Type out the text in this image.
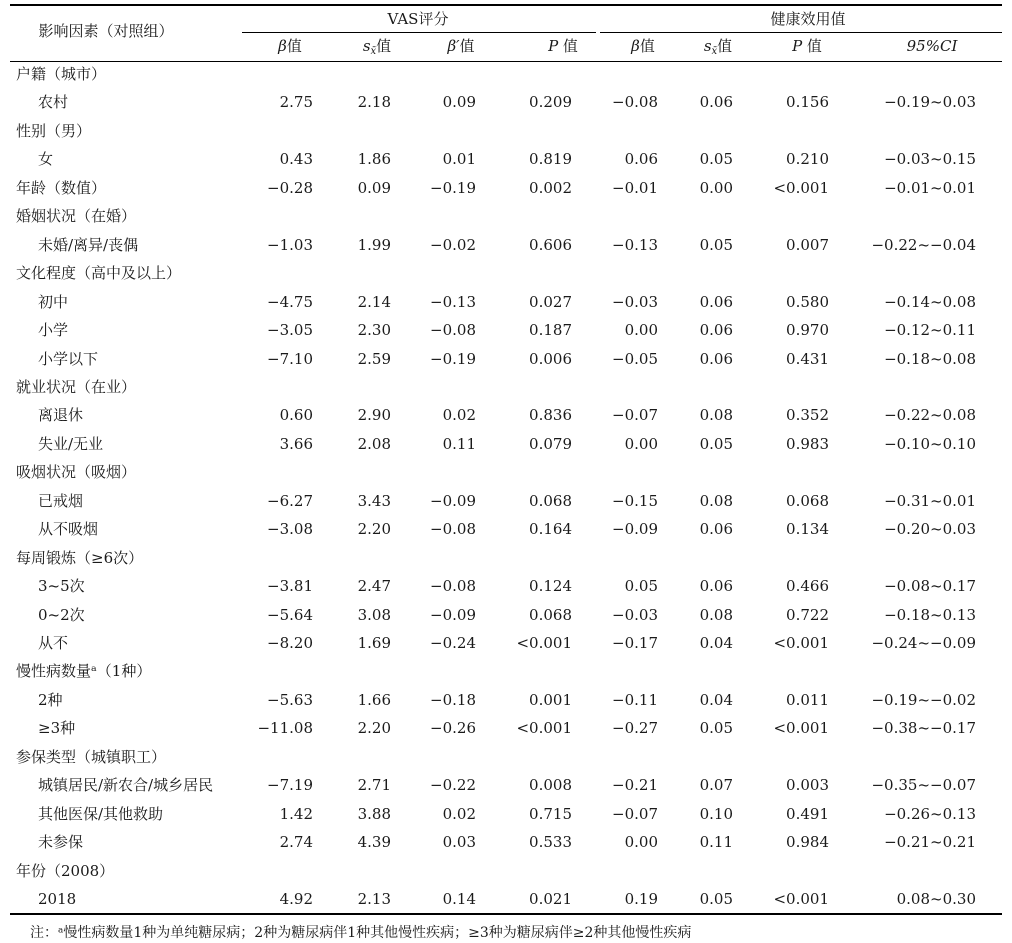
影响因素（对照组）
VAS评分	健康效用值
β值	$s_{x̄}$值	β′值	P 值	β值	$s_{x̄}$值	P 值	95%CI
户籍（城市）
农村	2.75	2.18	0.09	0.209	−0.08	0.06	0.156	−0.19~0.03
性别（男）
女	0.43	1.86	0.01	0.819	0.06	0.05	0.210	−0.03~0.15
年龄（数值）	−0.28	0.09	−0.19	0.002	−0.01	0.00	<0.001	−0.01~0.01
婚姻状况（在婚）
未婚/离异/丧偶	−1.03	1.99	−0.02	0.606	−0.13	0.05	0.007	−0.22~−0.04
文化程度（高中及以上）
初中	−4.75	2.14	−0.13	0.027	−0.03	0.06	0.580	−0.14~0.08
小学	−3.05	2.30	−0.08	0.187	0.00	0.06	0.970	−0.12~0.11
小学以下	−7.10	2.59	−0.19	0.006	−0.05	0.06	0.431	−0.18~0.08
就业状况（在业）
离退休	0.60	2.90	0.02	0.836	−0.07	0.08	0.352	−0.22~0.08
失业/无业	3.66	2.08	0.11	0.079	0.00	0.05	0.983	−0.10~0.10
吸烟状况（吸烟）
已戒烟	−6.27	3.43	−0.09	0.068	−0.15	0.08	0.068	−0.31~0.01
从不吸烟	−3.08	2.20	−0.08	0.164	−0.09	0.06	0.134	−0.20~0.03
每周锻炼（≥6次）
3~5次	−3.81	2.47	−0.08	0.124	0.05	0.06	0.466	−0.08~0.17
0~2次	−5.64	3.08	−0.09	0.068	−0.03	0.08	0.722	−0.18~0.13
从不	−8.20	1.69	−0.24	<0.001	−0.17	0.04	<0.001	−0.24~−0.09
慢性病数量ᵃ（1种）
2种	−5.63	1.66	−0.18	0.001	−0.11	0.04	0.011	−0.19~−0.02
≥3种	−11.08	2.20	−0.26	<0.001	−0.27	0.05	<0.001	−0.38~−0.17
参保类型（城镇职工）
城镇居民/新农合/城乡居民	−7.19	2.71	−0.22	0.008	−0.21	0.07	0.003	−0.35~−0.07
其他医保/其他救助	1.42	3.88	0.02	0.715	−0.07	0.10	0.491	−0.26~0.13
未参保	2.74	4.39	0.03	0.533	0.00	0.11	0.984	−0.21~0.21
年份（2008）
2018	4.92	2.13	0.14	0.021	0.19	0.05	<0.001	0.08~0.30
注：ᵃ慢性病数量1种为单纯糖尿病；2种为糖尿病伴1种其他慢性疾病；≥3种为糖尿病伴≥2种其他慢性疾病
